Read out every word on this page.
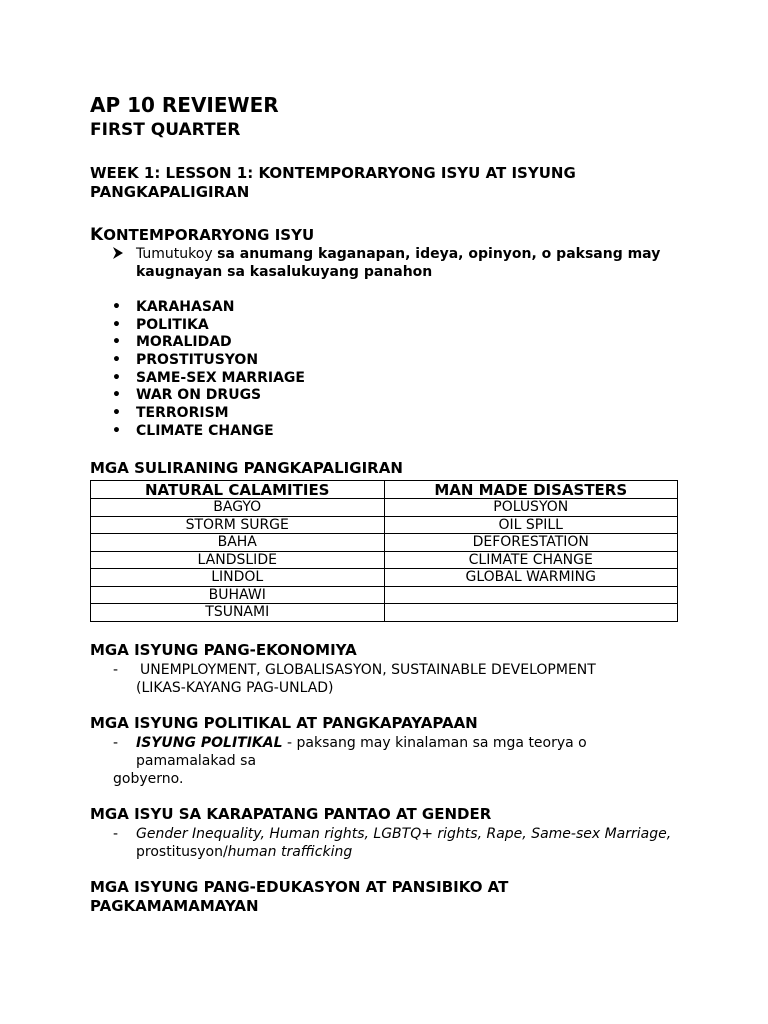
AP 10 REVIEWER
FIRST QUARTER
WEEK 1: LESSON 1: KONTEMPORARYONG ISYU AT ISYUNG
PANGKAPALIGIRAN
KONTEMPORARYONG ISYU
Tumutukoy sa anumang kaganapan, ideya, opinyon, o paksang may
kaugnayan sa kasalukuyang panahon
• KARAHASAN
• POLITIKA
• MORALIDAD
• PROSTITUSYON
• SAME-SEX MARRIAGE
• WAR ON DRUGS
• TERRORISM
• CLIMATE CHANGE
MGA SULIRANING PANGKAPALIGIRAN
NATURAL CALAMITIES	MAN MADE DISASTERS
BAGYO	POLUSYON
STORM SURGE	OIL SPILL
BAHA	DEFORESTATION
LANDSLIDE	CLIMATE CHANGE
LINDOL	GLOBAL WARMING
BUHAWI	
TSUNAMI	
MGA ISYUNG PANG-EKONOMIYA
- UNEMPLOYMENT, GLOBALISASYON, SUSTAINABLE DEVELOPMENT
(LIKAS-KAYANG PAG-UNLAD)
MGA ISYUNG POLITIKAL AT PANGKAPAYAPAAN
- ISYUNG POLITIKAL - paksang may kinalaman sa mga teorya o
pamamalakad sa
gobyerno.
MGA ISYU SA KARAPATANG PANTAO AT GENDER
- Gender Inequality, Human rights, LGBTQ+ rights, Rape, Same-sex Marriage,
prostitusyon/human trafficking
MGA ISYUNG PANG-EDUKASYON AT PANSIBIKO AT
PAGKAMAMAMAYAN
